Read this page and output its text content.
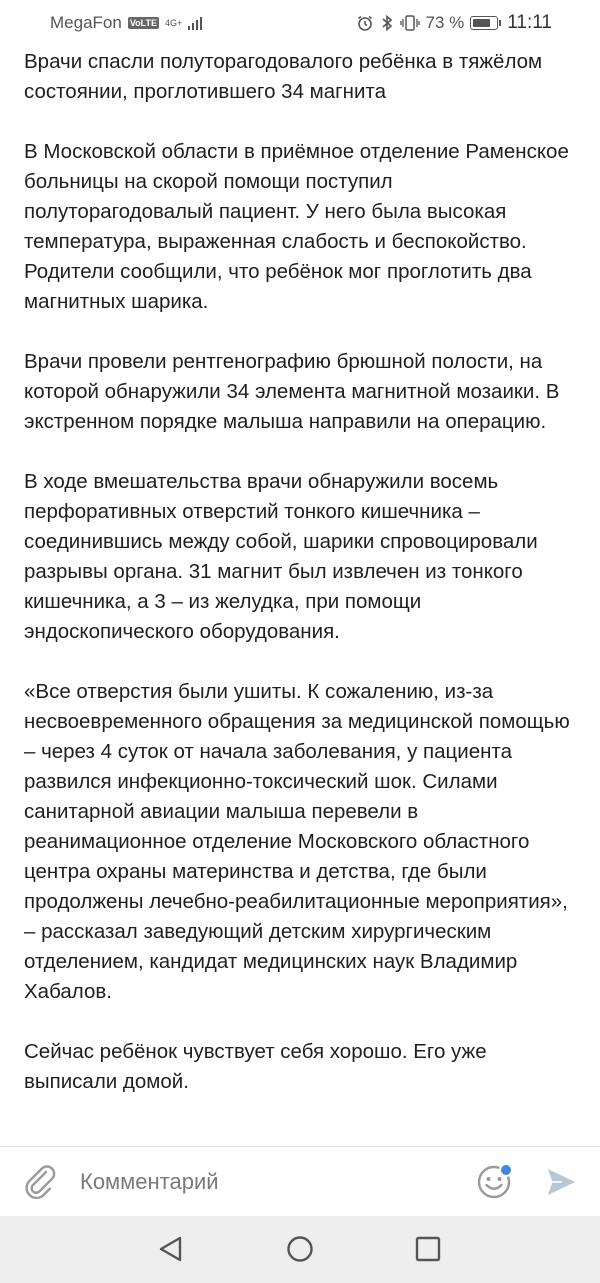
MegaFon VoLTE 4G+	73 % 11:11

Врачи спасли полуторагодовалого ребёнка в тяжёлом состоянии, проглотившего 34 магнита

В Московской области в приёмное отделение Раменское больницы на скорой помощи поступил полуторагодовалый пациент. У него была высокая температура, выраженная слабость и беспокойство. Родители сообщили, что ребёнок мог проглотить два магнитных шарика.

Врачи провели рентгенографию брюшной полости, на которой обнаружили 34 элемента магнитной мозаики. В экстренном порядке малыша направили на операцию.

В ходе вмешательства врачи обнаружили восемь перфоративных отверстий тонкого кишечника – соединившись между собой, шарики спровоцировали разрывы органа. 31 магнит был извлечен из тонкого кишечника, а 3 – из желудка, при помощи эндоскопического оборудования.

«Все отверстия были ушиты. К сожалению, из-за несвоевременного обращения за медицинской помощью – через 4 суток от начала заболевания, у пациента развился инфекционно-токсический шок. Силами санитарной авиации малыша перевели в реанимационное отделение Московского областного центра охраны материнства и детства, где были продолжены лечебно-реабилитационные мероприятия», – рассказал заведующий детским хирургическим отделением, кандидат медицинских наук Владимир Хабалов.

Сейчас ребёнок чувствует себя хорошо. Его уже выписали домой.

Комментарий
